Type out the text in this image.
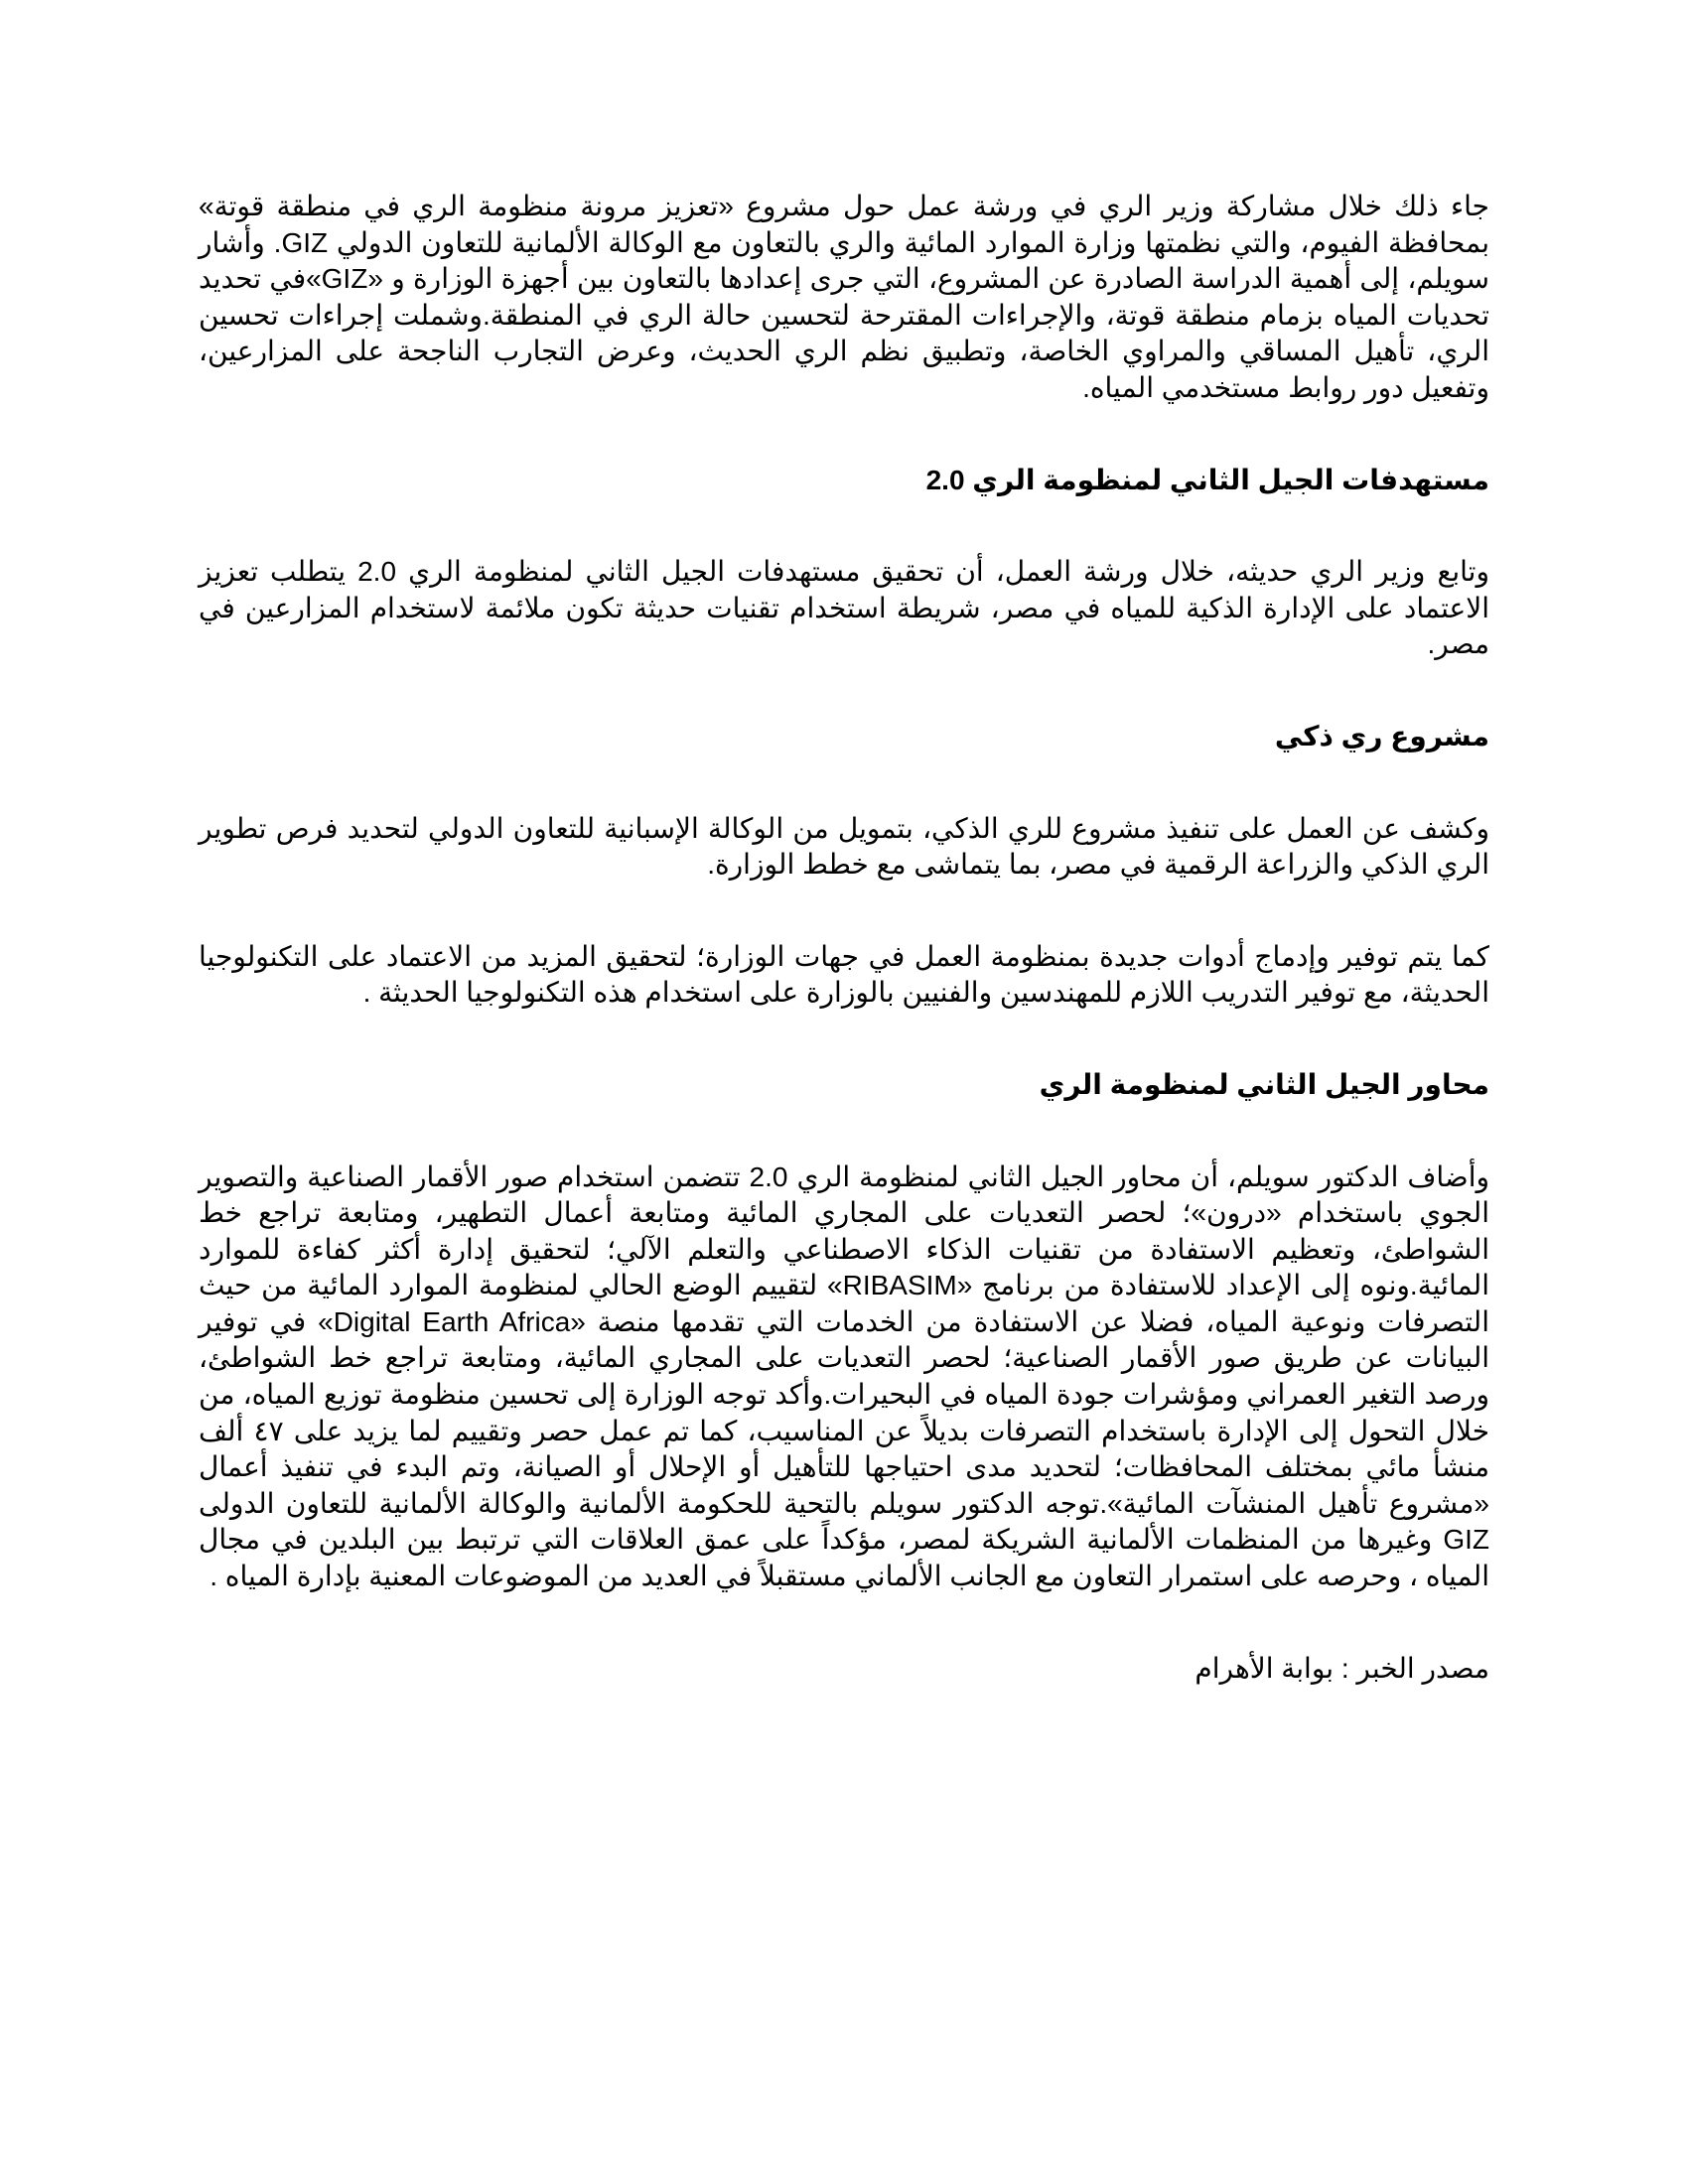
جاء ذلك خلال مشاركة وزير الري في ورشة عمل حول مشروع «تعزيز مرونة منظومة الري في منطقة قوتة» بمحافظة الفيوم، والتي نظمتها وزارة الموارد المائية والري بالتعاون مع الوكالة الألمانية للتعاون الدولي GIZ. وأشار سويلم، إلى أهمية الدراسة الصادرة عن المشروع، التي جرى إعدادها بالتعاون بين أجهزة الوزارة و «GIZ»في تحديد تحديات المياه بزمام منطقة قوتة، والإجراءات المقترحة لتحسين حالة الري في المنطقة.وشملت إجراءات تحسين الري، تأهيل المساقي والمراوي الخاصة، وتطبيق نظم الري الحديث، وعرض التجارب الناجحة على المزارعين، وتفعيل دور روابط مستخدمي المياه.

مستهدفات الجيل الثاني لمنظومة الري 2.0

وتابع وزير الري حديثه، خلال ورشة العمل، أن تحقيق مستهدفات الجيل الثاني لمنظومة الري 2.0 يتطلب تعزيز الاعتماد على الإدارة الذكية للمياه في مصر، شريطة استخدام تقنيات حديثة تكون ملائمة لاستخدام المزارعين في مصر.

مشروع ري ذكي

وكشف عن العمل على تنفيذ مشروع للري الذكي، بتمويل من الوكالة الإسبانية للتعاون الدولي لتحديد فرص تطوير الري الذكي والزراعة الرقمية في مصر، بما يتماشى مع خطط الوزارة.

كما يتم توفير وإدماج أدوات جديدة بمنظومة العمل في جهات الوزارة؛ لتحقيق المزيد من الاعتماد على التكنولوجيا الحديثة، مع توفير التدريب اللازم للمهندسين والفنيين بالوزارة على استخدام هذه التكنولوجيا الحديثة .

محاور الجيل الثاني لمنظومة الري

وأضاف الدكتور سويلم، أن محاور الجيل الثاني لمنظومة الري 2.0 تتضمن استخدام صور الأقمار الصناعية والتصوير الجوي باستخدام «درون»؛ لحصر التعديات على المجاري المائية ومتابعة أعمال التطهير، ومتابعة تراجع خط الشواطئ، وتعظيم الاستفادة من تقنيات الذكاء الاصطناعي والتعلم الآلي؛ لتحقيق إدارة أكثر كفاءة للموارد المائية.ونوه إلى الإعداد للاستفادة من برنامج «RIBASIM» لتقييم الوضع الحالي لمنظومة الموارد المائية من حيث التصرفات ونوعية المياه، فضلا عن الاستفادة من الخدمات التي تقدمها منصة «Digital Earth Africa» في توفير البيانات عن طريق صور الأقمار الصناعية؛ لحصر التعديات على المجاري المائية، ومتابعة تراجع خط الشواطئ، ورصد التغير العمراني ومؤشرات جودة المياه في البحيرات.وأكد توجه الوزارة إلى تحسين منظومة توزيع المياه، من خلال التحول إلى الإدارة باستخدام التصرفات بديلاً عن المناسيب، كما تم عمل حصر وتقييم لما يزيد على ٤٧ ألف منشأ مائي بمختلف المحافظات؛ لتحديد مدى احتياجها للتأهيل أو الإحلال أو الصيانة، وتم البدء في تنفيذ أعمال «مشروع تأهيل المنشآت المائية».توجه الدكتور سويلم بالتحية للحكومة الألمانية والوكالة الألمانية للتعاون الدولى GIZ وغيرها من المنظمات الألمانية الشريكة لمصر، مؤكداً على عمق العلاقات التي ترتبط بين البلدين في مجال المياه ، وحرصه على استمرار التعاون مع الجانب الألماني مستقبلاً في العديد من الموضوعات المعنية بإدارة المياه .

مصدر الخبر : بوابة الأهرام
